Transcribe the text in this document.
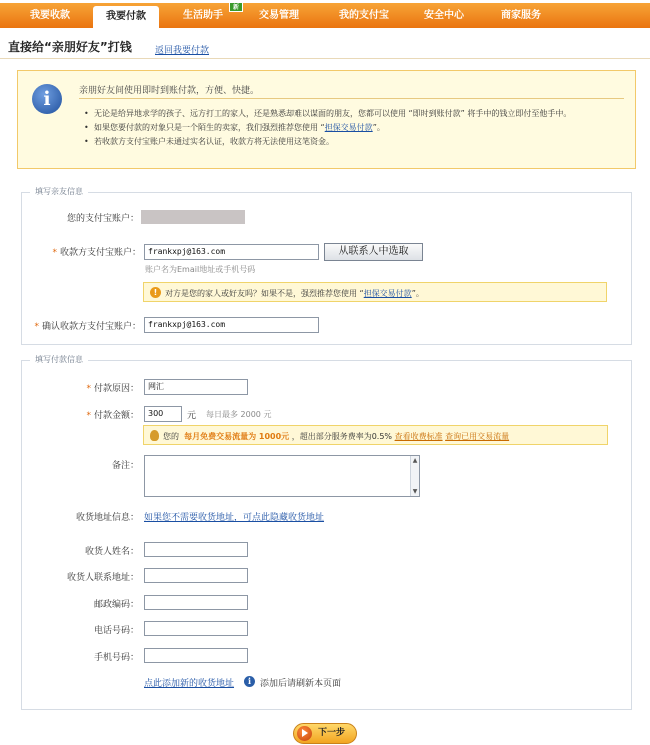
我要收款	我要付款	生活助手
新
交易管理	我的支付宝	安全中心	商家服务
直接给“亲朋好友”打钱	返回我要付款
i	亲朋好友间使用即时到账付款，方便、快捷。
• 无论是给异地求学的孩子、远方打工的家人，还是熟悉却难以谋面的朋友，您都可以使用 “即时到账付款” 将手中的钱立即付至他手中。
• 如果您要付款的对象只是一个陌生的卖家，我们强烈推荐您使用 “担保交易付款”。
• 若收款方支付宝账户未通过实名认证，收款方将无法使用这笔资金。
填写亲友信息
您的支付宝账户：
* 收款方支付宝账户： frankxpj@163.com	从联系人中选取
账户名为Email地址或手机号码
! 对方是您的家人或好友吗？如果不是，强烈推荐您使用 “担保交易付款”。
* 确认收款方支付宝账户： frankxpj@163.com
填写付款信息
* 付款原因：	网汇
* 付款金额：	300	元 每日最多 2000 元
您的 每月免费交易流量为 1000元 ，超出部分服务费率为0.5% 查看收费标准 查询已用交易流量
备注：
▲
▼
收货地址信息： 如果您不需要收货地址，可点此隐藏收货地址
收货人姓名：
收货人联系地址：
邮政编码：
电话号码：
手机号码：
点此添加新的收货地址	i 添加后请刷新本页面
下一步
